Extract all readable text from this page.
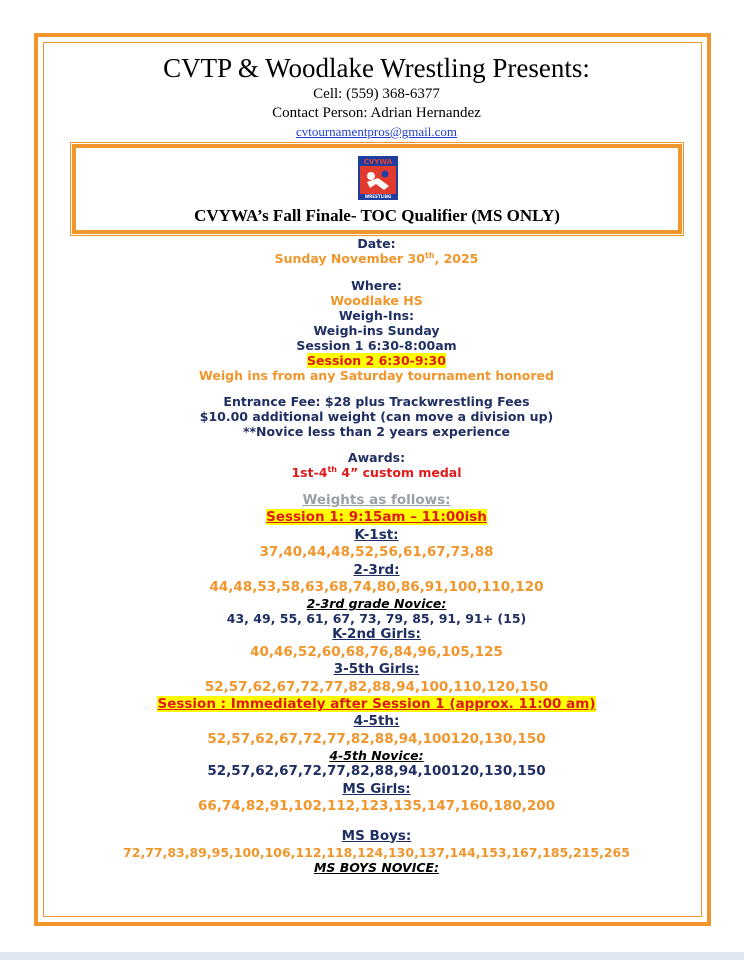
CVTP & Woodlake Wrestling Presents:
Cell: (559) 368-6377
Contact Person: Adrian Hernandez
cvtournamentpros@gmail.com
CVYWA
WRESTLING
CVYWA’s Fall Finale- TOC Qualifier (MS ONLY)
Date:
Sunday November 30th, 2025
Where:
Woodlake HS
Weigh-Ins:
Weigh-ins Sunday
Session 1 6:30-8:00am
Session 2 6:30-9:30
Weigh ins from any Saturday tournament honored
Entrance Fee: $28 plus Trackwrestling Fees
$10.00 additional weight (can move a division up)
**Novice less than 2 years experience
Awards:
1st-4th 4” custom medal
Weights as follows:
Session 1: 9:15am – 11:00ish
K-1st:
37,40,44,48,52,56,61,67,73,88
2-3rd:
44,48,53,58,63,68,74,80,86,91,100,110,120
2-3rd grade Novice:
43, 49, 55, 61, 67, 73, 79, 85, 91, 91+ (15)
K-2nd Girls:
40,46,52,60,68,76,84,96,105,125
3-5th Girls:
52,57,62,67,72,77,82,88,94,100,110,120,150
Session : Immediately after Session 1 (approx. 11:00 am)
4-5th:
52,57,62,67,72,77,82,88,94,100120,130,150
4-5th Novice:
52,57,62,67,72,77,82,88,94,100120,130,150
MS Girls:
66,74,82,91,102,112,123,135,147,160,180,200
MS Boys:
72,77,83,89,95,100,106,112,118,124,130,137,144,153,167,185,215,265
MS BOYS NOVICE:
